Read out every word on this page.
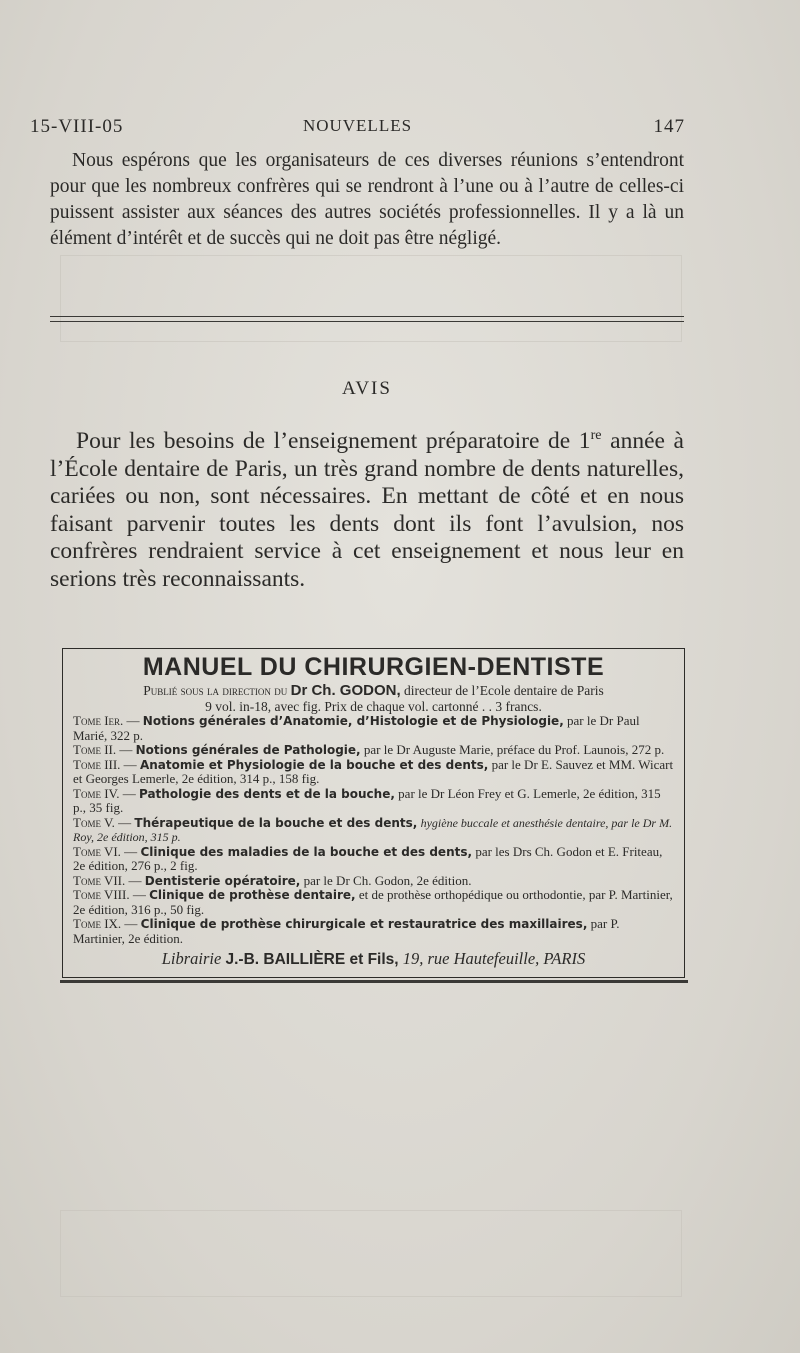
15-VIII-05	NOUVELLES	147

Nous espérons que les organisateurs de ces diverses réunions s’entendront pour que les nombreux confrères qui se rendront à l’une ou à l’autre de celles-ci puissent assister aux séances des autres sociétés professionnelles. Il y a là un élément d’intérêt et de succès qui ne doit pas être négligé.

AVIS

Pour les besoins de l’enseignement préparatoire de 1re année à l’École dentaire de Paris, un très grand nombre de dents naturelles, cariées ou non, sont nécessaires. En mettant de côté et en nous faisant parvenir toutes les dents dont ils font l’avulsion, nos confrères rendraient service à cet enseignement et nous leur en serions très reconnaissants.

MANUEL DU CHIRURGIEN-DENTISTE
Publié sous la direction du Dr Ch. GODON, directeur de l’Ecole dentaire de Paris
9 vol. in-18, avec fig. Prix de chaque vol. cartonné . . 3 francs.

Tome Ier. — Notions générales d’Anatomie, d’Histologie et de Physiologie, par le Dr Paul Marié, 322 p.

Tome II. — Notions générales de Pathologie, par le Dr Auguste Marie, préface du Prof. Launois, 272 p.

Tome III. — Anatomie et Physiologie de la bouche et des dents, par le Dr E. Sauvez et MM. Wicart et Georges Lemerle, 2e édition, 314 p., 158 fig.

Tome IV. — Pathologie des dents et de la bouche, par le Dr Léon Frey et G. Lemerle, 2e édition, 315 p., 35 fig.

Tome V. — Thérapeutique de la bouche et des dents, hygiène buccale et anesthésie dentaire, par le Dr M. Roy, 2e édition, 315 p.

Tome VI. — Clinique des maladies de la bouche et des dents, par les Drs Ch. Godon et E. Friteau, 2e édition, 276 p., 2 fig.

Tome VII. — Dentisterie opératoire, par le Dr Ch. Godon, 2e édition.

Tome VIII. — Clinique de prothèse dentaire, et de prothèse orthopédique ou orthodontie, par P. Martinier, 2e édition, 316 p., 50 fig.

Tome IX. — Clinique de prothèse chirurgicale et restauratrice des maxillaires, par P. Martinier, 2e édition.

Librairie J.-B. BAILLIÈRE et Fils, 19, rue Hautefeuille, PARIS
